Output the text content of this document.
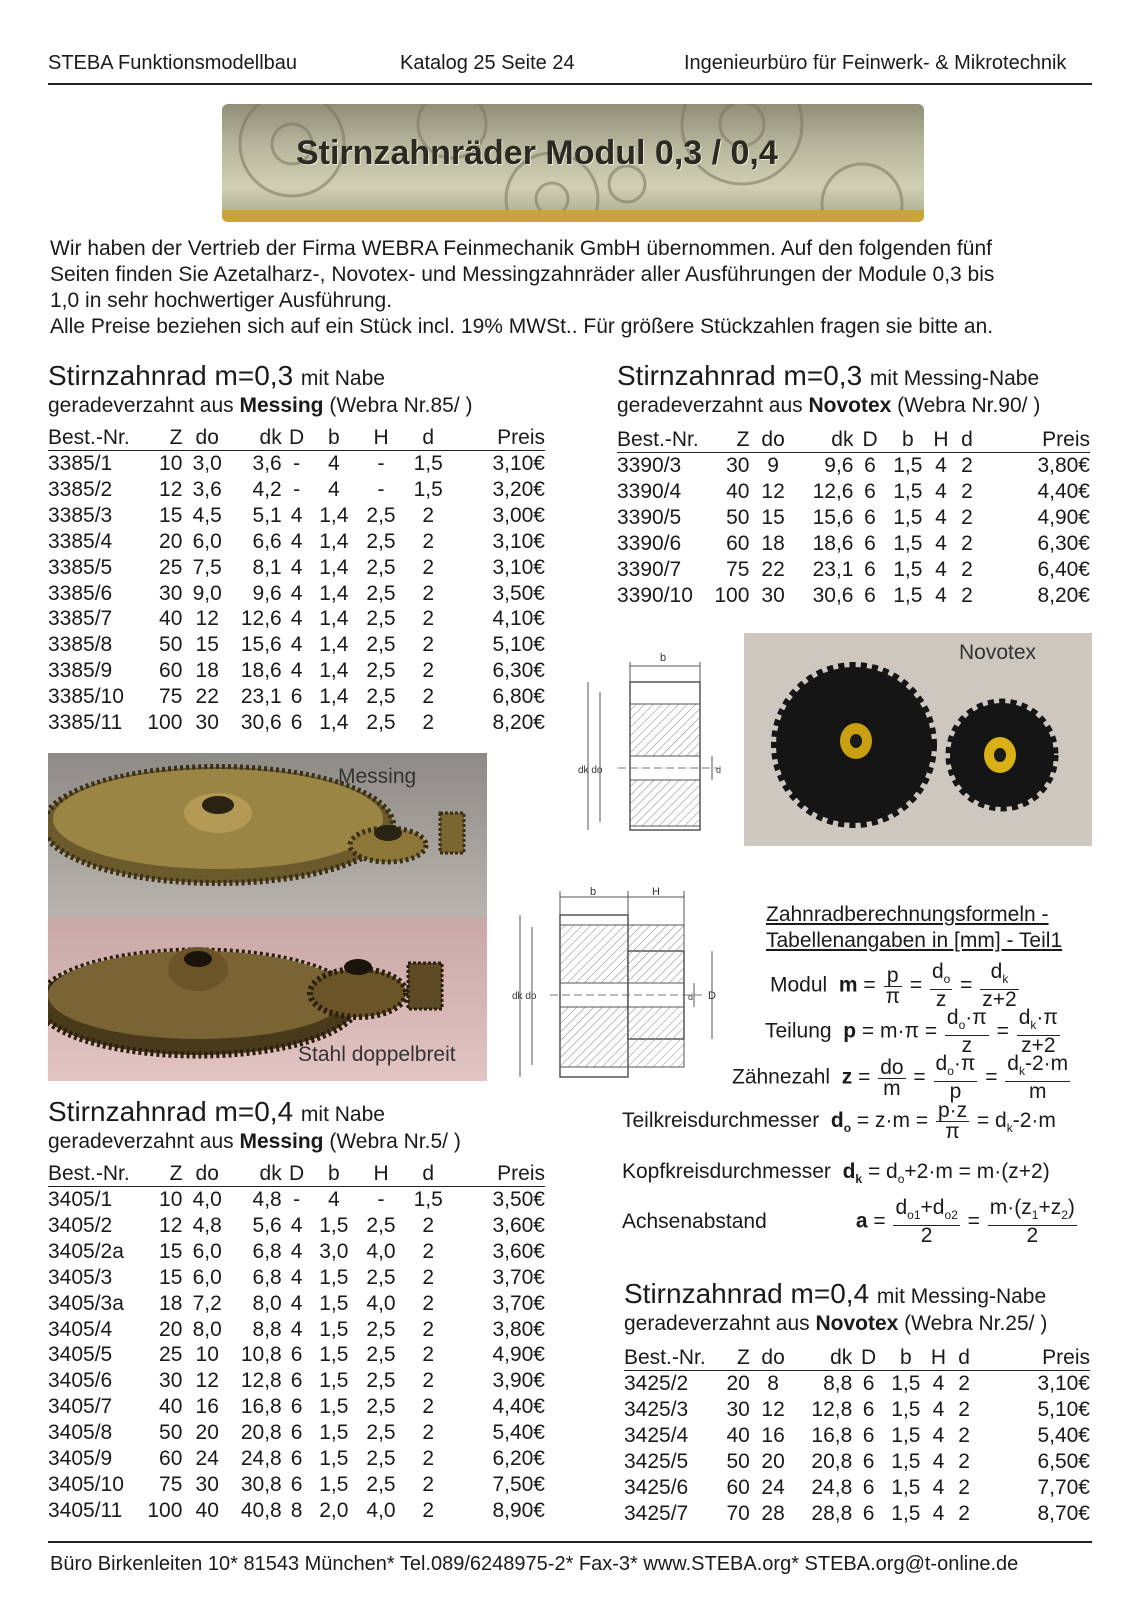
STEBA Funktionsmodellbau	Katalog 25 Seite 24	Ingenieurbüro für Feinwerk- & Mikrotechnik
Stirnzahnräder Modul 0,3 / 0,4

Wir haben der Vertrieb der Firma WEBRA Feinmechanik GmbH übernommen. Auf den folgenden fünf

Seiten finden Sie Azetalharz-, Novotex- und Messingzahnräder aller Ausführungen der Module 0,3 bis

1,0 in sehr hochwertiger Ausführung.

Alle Preise beziehen sich auf ein Stück incl. 19% MWSt.. Für größere Stückzahlen fragen sie bitte an.

Stirnzahnrad m=0,3 mit Nabe
geradeverzahnt aus Messing (Webra Nr.85/ )
Best.-Nr.	Z	do	dk	D	b	H	d	Preis
3385/1	10	3,0	3,6	-	4	-	1,5	3,10€
3385/2	12	3,6	4,2	-	4	-	1,5	3,20€
3385/3	15	4,5	5,1	4	1,4	2,5	2	3,00€
3385/4	20	6,0	6,6	4	1,4	2,5	2	3,10€
3385/5	25	7,5	8,1	4	1,4	2,5	2	3,10€
3385/6	30	9,0	9,6	4	1,4	2,5	2	3,50€
3385/7	40	12	12,6	4	1,4	2,5	2	4,10€
3385/8	50	15	15,6	4	1,4	2,5	2	5,10€
3385/9	60	18	18,6	4	1,4	2,5	2	6,30€
3385/10	75	22	23,1	6	1,4	2,5	2	6,80€
3385/11	100	30	30,6	6	1,4	2,5	2	8,20€
Stirnzahnrad m=0,3 mit Messing-Nabe
geradeverzahnt aus Novotex (Webra Nr.90/ )
Best.-Nr.	Z	do	dk	D	b	H	d	Preis
3390/3	30	9	9,6	6	1,5	4	2	3,80€
3390/4	40	12	12,6	6	1,5	4	2	4,40€
3390/5	50	15	15,6	6	1,5	4	2	4,90€
3390/6	60	18	18,6	6	1,5	4	2	6,30€
3390/7	75	22	23,1	6	1,5	4	2	6,40€
3390/10	100	30	30,6	6	1,5	4	2	8,20€
Messing
Stahl doppelbreit
b
dk do	d
Novotex
b	H
dk do	d D
Zahnradberechnungsformeln -
Tabellenangaben in [mm] - Teil1
Modul  $m = \frac{p}{\pi} = \frac{d_o}{z} = \frac{d_k}{z+2}$
Teilung  $p = m\cdot\pi = \frac{d_o\cdot\pi}{z} = \frac{d_k\cdot\pi}{z+2}$
Zähnezahl  $z = \frac{do}{m} = \frac{d_o\cdot\pi}{p} = \frac{d_k-2\cdot m}{m}$
Teilkreisdurchmesser $d_o = z\cdot m = \frac{p\cdot z}{\pi} = d_k-2\cdot m$
Kopfkreisdurchmesser $d_k = d_o+2\cdot m = m\cdot(z+2)$
Achsenabstand	$a = \frac{d_{o1}+d_{o2}}{2} = \frac{m\cdot(z_1+z_2)}{2}$
Stirnzahnrad m=0,4 mit Nabe
geradeverzahnt aus Messing (Webra Nr.5/ )
Best.-Nr.	Z	do	dk	D	b	H	d	Preis
3405/1	10	4,0	4,8	-	4	-	1,5	3,50€
3405/2	12	4,8	5,6	4	1,5	2,5	2	3,60€
3405/2a	15	6,0	6,8	4	3,0	4,0	2	3,60€
3405/3	15	6,0	6,8	4	1,5	2,5	2	3,70€
3405/3a	18	7,2	8,0	4	1,5	4,0	2	3,70€
3405/4	20	8,0	8,8	4	1,5	2,5	2	3,80€
3405/5	25	10	10,8	6	1,5	2,5	2	4,90€
3405/6	30	12	12,8	6	1,5	2,5	2	3,90€
3405/7	40	16	16,8	6	1,5	2,5	2	4,40€
3405/8	50	20	20,8	6	1,5	2,5	2	5,40€
3405/9	60	24	24,8	6	1,5	2,5	2	6,20€
3405/10	75	30	30,8	6	1,5	2,5	2	7,50€
3405/11	100	40	40,8	8	2,0	4,0	2	8,90€
Stirnzahnrad m=0,4 mit Messing-Nabe
geradeverzahnt aus Novotex (Webra Nr.25/ )
Best.-Nr.	Z	do	dk	D	b	H	d	Preis
3425/2	20	8	8,8	6	1,5	4	2	3,10€
3425/3	30	12	12,8	6	1,5	4	2	5,10€
3425/4	40	16	16,8	6	1,5	4	2	5,40€
3425/5	50	20	20,8	6	1,5	4	2	6,50€
3425/6	60	24	24,8	6	1,5	4	2	7,70€
3425/7	70	28	28,8	6	1,5	4	2	8,70€
Büro Birkenleiten 10* 81543 München* Tel.089/6248975-2* Fax-3* www.STEBA.org* STEBA.org@t-online.de
